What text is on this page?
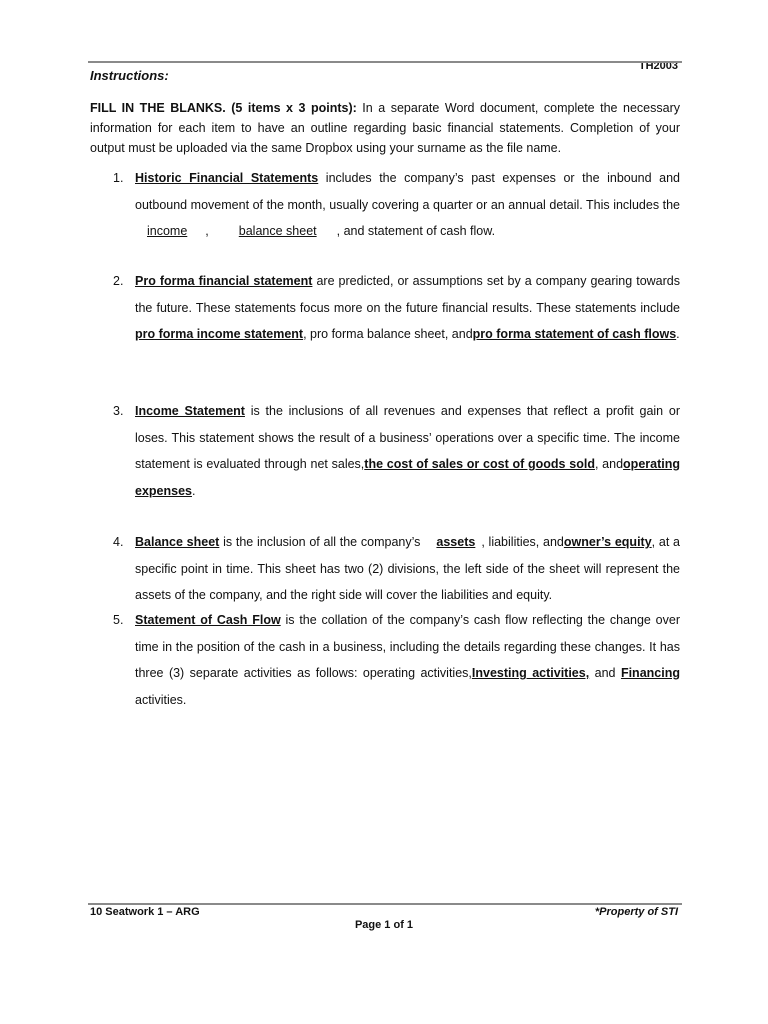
TH2003
Instructions:
FILL IN THE BLANKS. (5 items x 3 points): In a separate Word document, complete the necessary information for each item to have an outline regarding basic financial statements. Completion of your output must be uploaded via the same Dropbox using your surname as the file name.
1. Historic Financial Statements includes the company’s past expenses or the inbound and outbound movement of the month, usually covering a quarter or an annual detail. This includes theincome , balance sheet , and statement of cash flow.
2. Pro forma financial statement are predicted, or assumptions set by a company gearing towards the future. These statements focus more on the future financial results. These statements include pro forma income statement, pro forma balance sheet, andpro forma statement of cash flows.
3. Income Statement is the inclusions of all revenues and expenses that reflect a profit gain or loses. This statement shows the result of a business’ operations over a specific time. The income statement is evaluated through net sales,the cost of sales or cost of goods sold, andoperating expenses.
4. Balance sheet is the inclusion of all the company’s assets , liabilities, andowner’s equity, at a specific point in time. This sheet has two (2) divisions, the left side of the sheet will represent the assets of the company, and the right side will cover the liabilities and equity.
5. Statement of Cash Flow is the collation of the company’s cash flow reflecting the change over time in the position of the cash in a business, including the details regarding these changes. It has three (3) separate activities as follows: operating activities,Investing activities, and Financing activities.
10 Seatwork 1 – ARG	*Property of STI
Page 1 of 1
